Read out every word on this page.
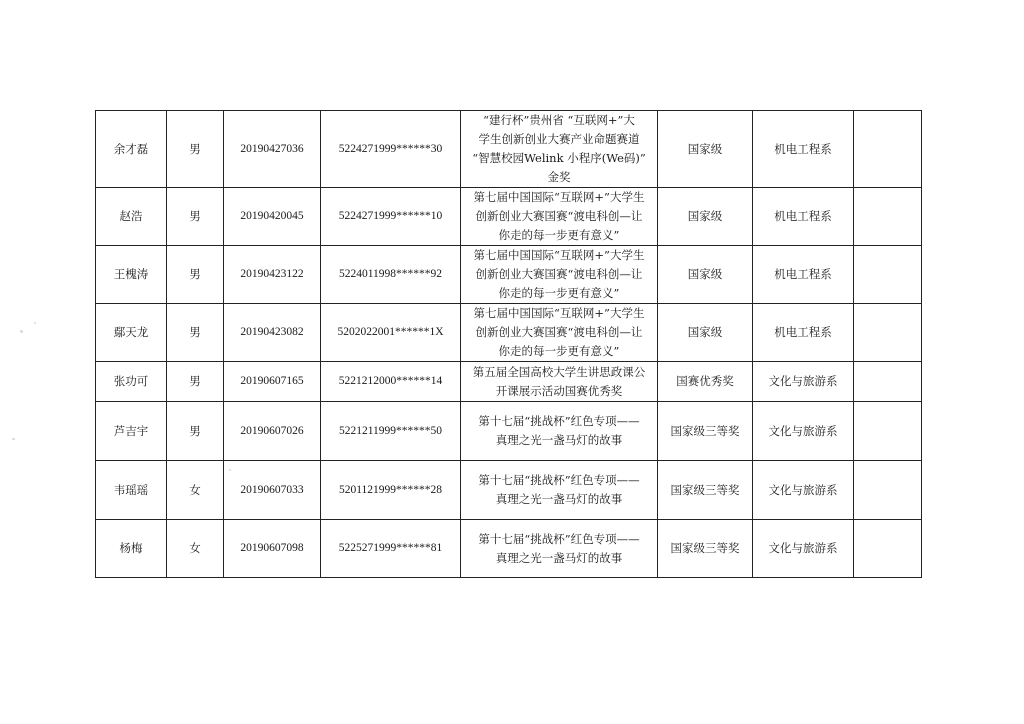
余才磊	男	20190427036	5224271999******30	“建行杯”贵州省 “互联网+”大
学生创新创业大赛产业命题赛道
“智慧校园Welink 小程序(We码)”
金奖	国家级	机电工程系	
赵浩	男	20190420045	5224271999******10	第七届中国国际“互联网+”大学生
创新创业大赛国赛“渡电科创—让
你走的每一步更有意义”	国家级	机电工程系	
王槐涛	男	20190423122	5224011998******92	第七届中国国际“互联网+”大学生
创新创业大赛国赛“渡电科创—让
你走的每一步更有意义”	国家级	机电工程系	
鄢天龙	男	20190423082	5202022001******1X	第七届中国国际“互联网+”大学生
创新创业大赛国赛“渡电科创—让
你走的每一步更有意义”	国家级	机电工程系	
张功可	男	20190607165	5221212000******14	第五届全国高校大学生讲思政课公
开课展示活动国赛优秀奖	国赛优秀奖	文化与旅游系	
芦吉宇	男	20190607026	5221211999******50	第十七届“挑战杯”红色专项——
真理之光一盏马灯的故事	国家级三等奖	文化与旅游系	
韦瑶瑶	女	20190607033	5201121999******28	第十七届“挑战杯”红色专项——
真理之光一盏马灯的故事	国家级三等奖	文化与旅游系	
杨梅	女	20190607098	5225271999******81	第十七届“挑战杯”红色专项——
真理之光一盏马灯的故事	国家级三等奖	文化与旅游系	
